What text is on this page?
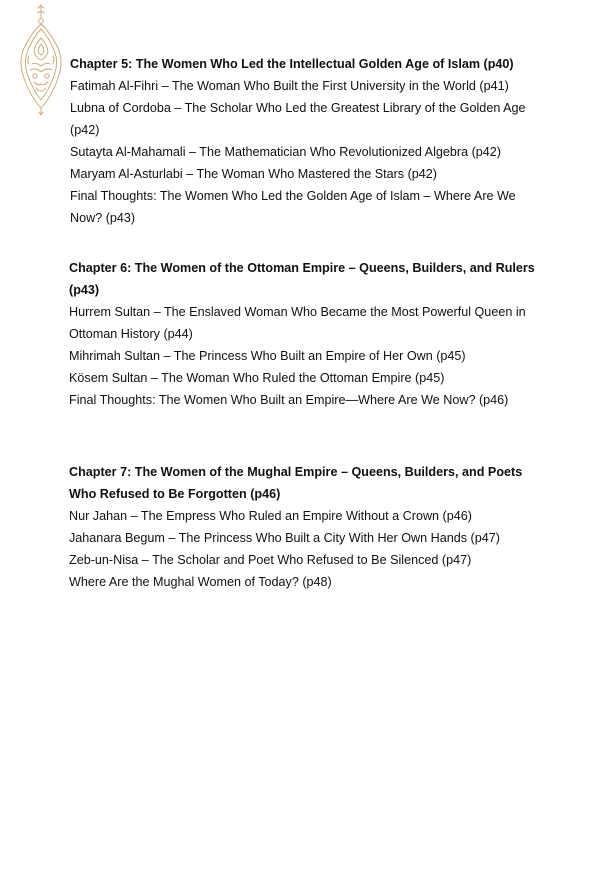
Chapter 5: The Women Who Led the Intellectual Golden Age of Islam (p40)
Fatimah Al-Fihri – The Woman Who Built the First University in the World (p41)
Lubna of Cordoba – The Scholar Who Led the Greatest Library of the Golden Age (p42)
Sutayta Al-Mahamali – The Mathematician Who Revolutionized Algebra (p42)
Maryam Al-Asturlabi – The Woman Who Mastered the Stars (p42)
Final Thoughts: The Women Who Led the Golden Age of Islam – Where Are We Now? (p43)
Chapter 6: The Women of the Ottoman Empire – Queens, Builders, and Rulers (p43)
Hurrem Sultan – The Enslaved Woman Who Became the Most Powerful Queen in Ottoman History (p44)
Mihrimah Sultan – The Princess Who Built an Empire of Her Own (p45)
Kösem Sultan – The Woman Who Ruled the Ottoman Empire (p45)
Final Thoughts: The Women Who Built an Empire—Where Are We Now? (p46)
Chapter 7: The Women of the Mughal Empire – Queens, Builders, and Poets Who Refused to Be Forgotten (p46)
Nur Jahan – The Empress Who Ruled an Empire Without a Crown (p46)
Jahanara Begum – The Princess Who Built a City With Her Own Hands (p47)
Zeb-un-Nisa – The Scholar and Poet Who Refused to Be Silenced (p47)
Where Are the Mughal Women of Today? (p48)
